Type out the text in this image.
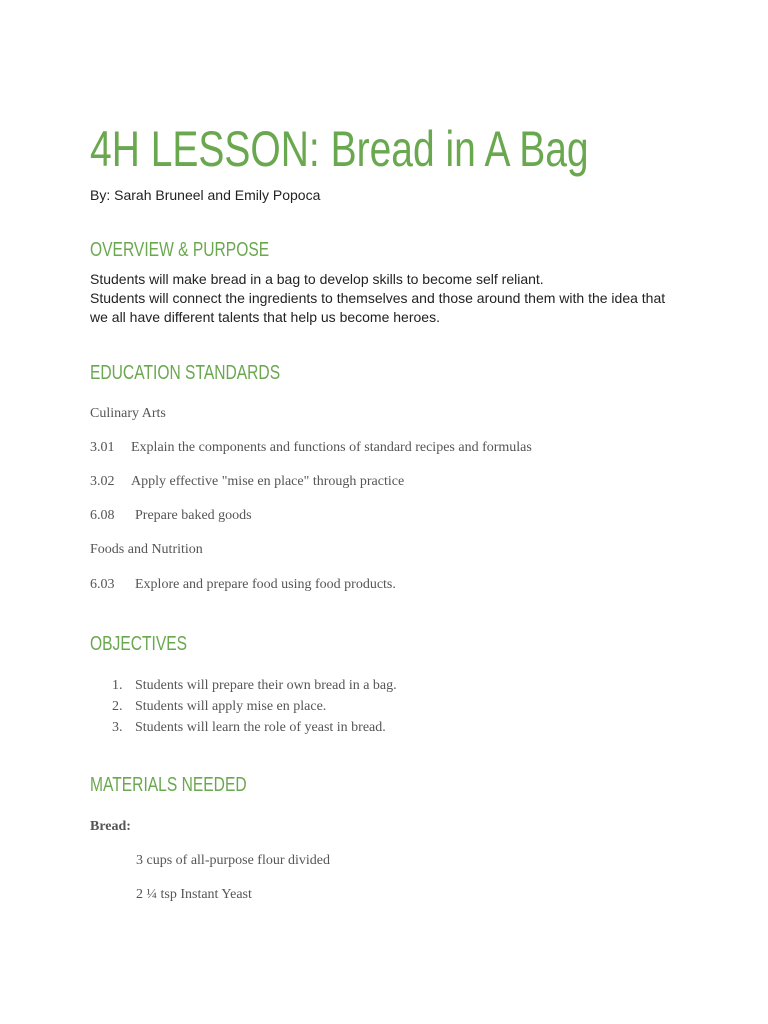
4H LESSON: Bread in A Bag
By: Sarah Bruneel and Emily Popoca
OVERVIEW & PURPOSE

Students will make bread in a bag to develop skills to become self reliant.

Students will connect the ingredients to themselves and those around them with the idea that we all have different talents that help us become heroes.

EDUCATION STANDARDS
Culinary Arts
3.01 Explain the components and functions of standard recipes and formulas
3.02 Apply effective "mise en place" through practice
6.08 Prepare baked goods
Foods and Nutrition
6.03 Explore and prepare food using food products.
OBJECTIVES
1. Students will prepare their own bread in a bag.
2. Students will apply mise en place.
3. Students will learn the role of yeast in bread.
MATERIALS NEEDED
Bread:
3 cups of all-purpose flour divided
2 ¼ tsp Instant Yeast
